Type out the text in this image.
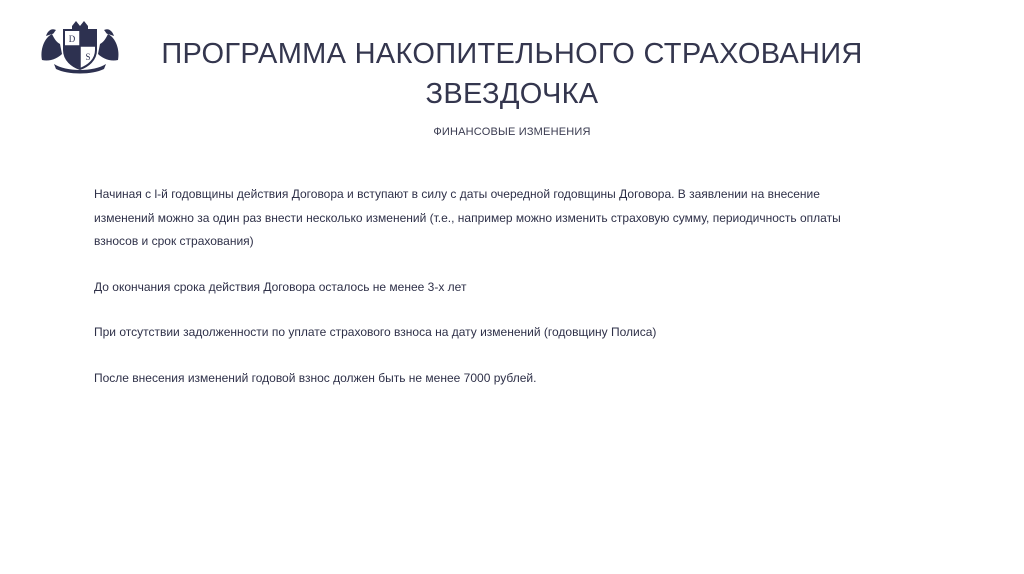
D
S	ПРОГРАММА НАКОПИТЕЛЬНОГО СТРАХОВАНИЯ
ЗВЕЗДОЧКА
ФИНАНСОВЫЕ ИЗМЕНЕНИЯ

Начиная с l-й годовщины действия Договора и вступают в силу с даты очередной годовщины Договора. В заявлении на внесение изменений можно за один раз внести несколько изменений (т.е., например можно изменить страховую сумму, периодичность оплаты взносов и срок страхования)

До окончания срока действия Договора осталось не менее 3-х лет

При отсутствии задолженности по уплате страхового взноса на дату изменений (годовщину Полиса)

После внесения изменений годовой взнос должен быть не менее 7000 рублей.
